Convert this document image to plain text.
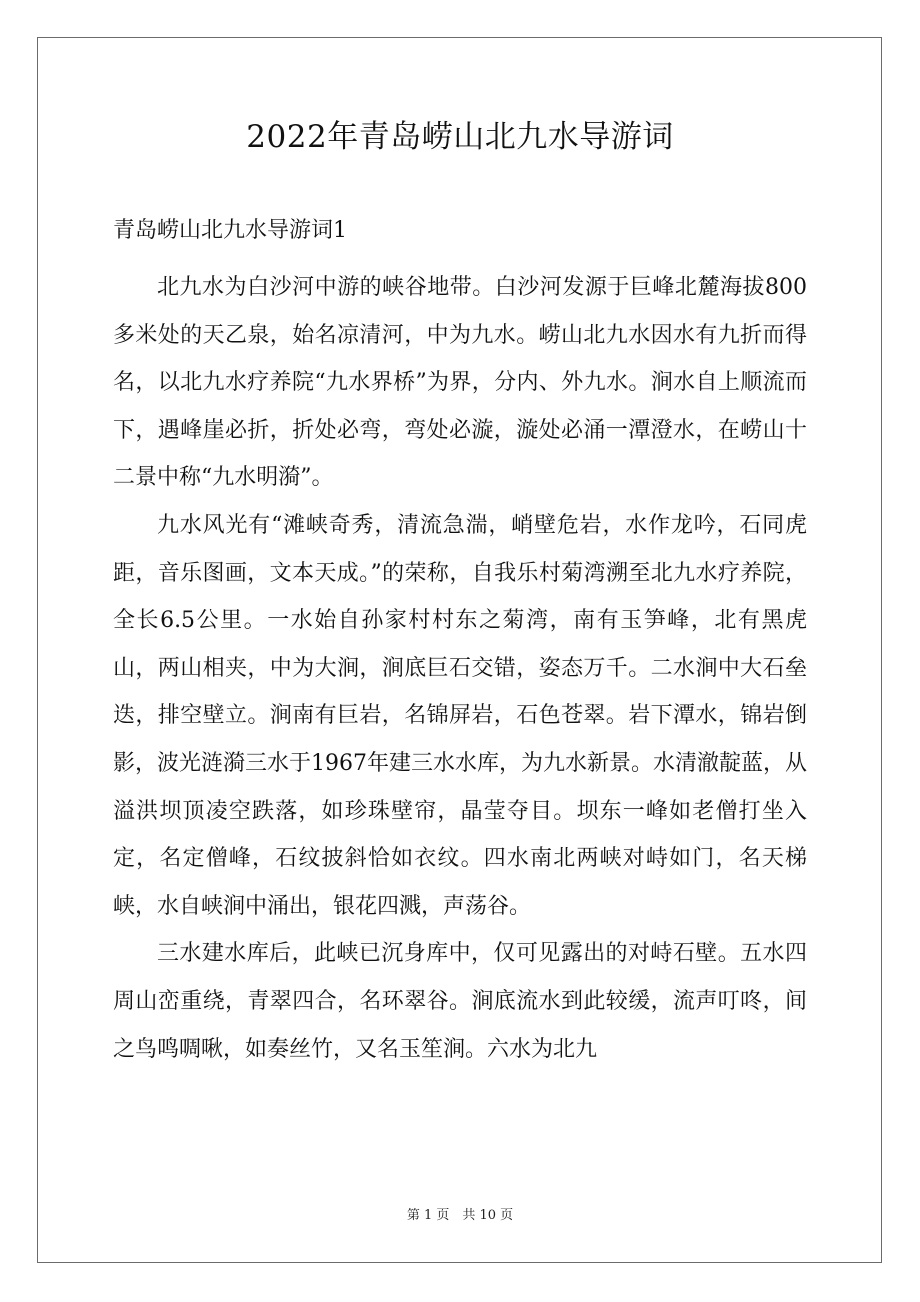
2022年青岛崂山北九水导游词
青岛崂山北九水导游词1

北九水为白沙河中游的峡谷地带。白沙河发源于巨峰北麓海拔800多米处的天乙泉，始名凉清河，中为九水。崂山北九水因水有九折而得名，以北九水疗养院“九水界桥”为界，分内、外九水。涧水自上顺流而下，遇峰崖必折，折处必弯，弯处必漩，漩处必涌一潭澄水，在崂山十二景中称“九水明漪”。

九水风光有“滩峡奇秀，清流急湍，峭壁危岩，水作龙吟，石同虎距，音乐图画，文本天成。”的荣称，自我乐村菊湾溯至北九水疗养院，全长6.5公里。一水始自孙家村村东之菊湾，南有玉笋峰，北有黑虎山，两山相夹，中为大涧，涧底巨石交错，姿态万千。二水涧中大石垒迭，排空壁立。涧南有巨岩，名锦屏岩，石色苍翠。岩下潭水，锦岩倒影，波光涟漪三水于1967年建三水水库，为九水新景。水清澈靛蓝，从溢洪坝顶凌空跌落，如珍珠壁帘，晶莹夺目。坝东一峰如老僧打坐入定，名定僧峰，石纹披斜恰如衣纹。四水南北两峡对峙如门，名天梯峡，水自峡涧中涌出，银花四溅，声荡谷。

三水建水库后，此峡已沉身库中，仅可见露出的对峙石壁。五水四周山峦重绕，青翠四合，名环翠谷。涧底流水到此较缓，流声叮咚，间之鸟鸣啁啾，如奏丝竹，又名玉笙涧。六水为北九

第 1 页　共 10 页
